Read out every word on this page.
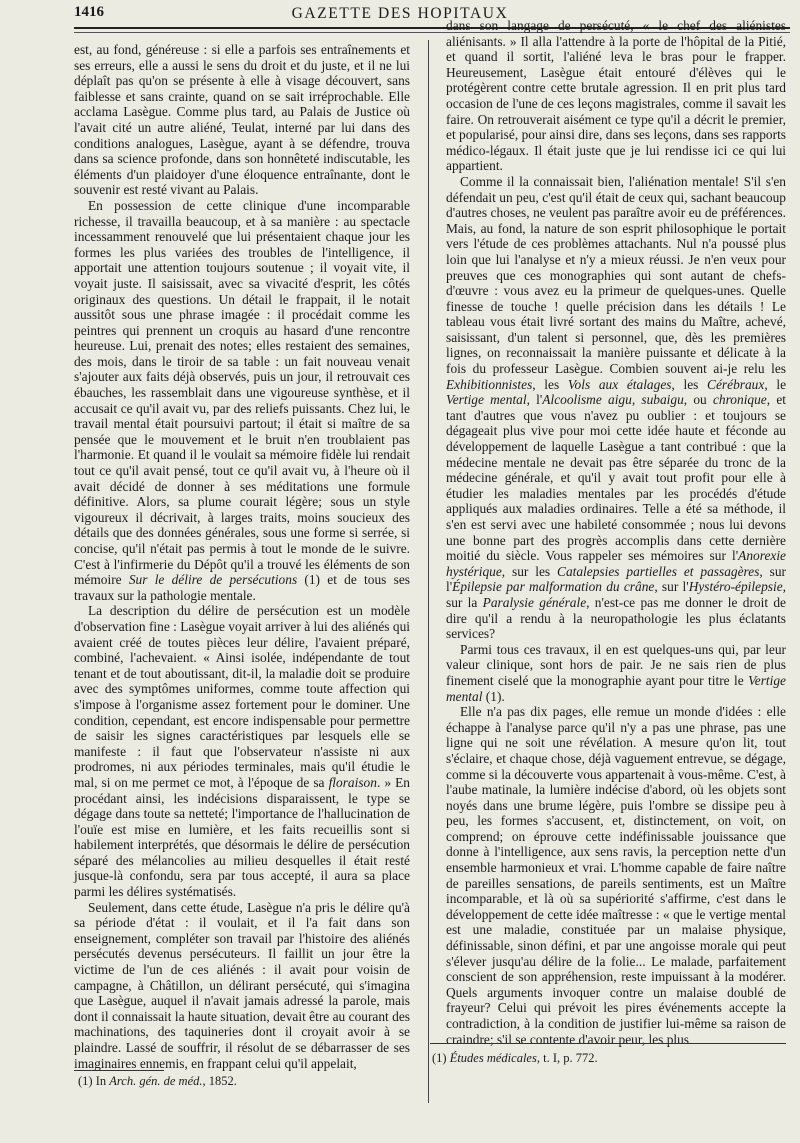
1416	GAZETTE DES HOPITAUX

est, au fond, généreuse : si elle a parfois ses entraînements et ses erreurs, elle a aussi le sens du droit et du juste, et il ne lui déplaît pas qu'on se présente à elle à visage découvert, sans faiblesse et sans crainte, quand on se sait irréprochable. Elle acclama Lasègue. Comme plus tard, au Palais de Justice où l'avait cité un autre aliéné, Teulat, interné par lui dans des conditions analogues, Lasègue, ayant à se défendre, trouva dans sa science profonde, dans son honnêteté indiscutable, les éléments d'un plaidoyer d'une éloquence entraînante, dont le souvenir est resté vivant au Palais.

En possession de cette clinique d'une incomparable richesse, il travailla beaucoup, et à sa manière : au spectacle incessamment renouvelé que lui présentaient chaque jour les formes les plus variées des troubles de l'intelligence, il apportait une attention toujours soutenue ; il voyait vite, il voyait juste. Il saisissait, avec sa vivacité d'esprit, les côtés originaux des questions. Un détail le frappait, il le notait aussitôt sous une phrase imagée : il procédait comme les peintres qui prennent un croquis au hasard d'une rencontre heureuse. Lui, prenait des notes; elles restaient des semaines, des mois, dans le tiroir de sa table : un fait nouveau venait s'ajouter aux faits déjà observés, puis un jour, il retrouvait ces ébauches, les rassemblait dans une vigoureuse synthèse, et il accusait ce qu'il avait vu, par des reliefs puissants. Chez lui, le travail mental était poursuivi partout; il était si maître de sa pensée que le mouvement et le bruit n'en troublaient pas l'harmonie. Et quand il le voulait sa mémoire fidèle lui rendait tout ce qu'il avait pensé, tout ce qu'il avait vu, à l'heure où il avait décidé de donner à ses méditations une formule définitive. Alors, sa plume courait légère; sous un style vigoureux il décrivait, à larges traits, moins soucieux des détails que des données générales, sous une forme si serrée, si concise, qu'il n'était pas permis à tout le monde de le suivre. C'est à l'infirmerie du Dépôt qu'il a trouvé les éléments de son mémoire Sur le délire de persécutions (1) et de tous ses travaux sur la pathologie mentale.

La description du délire de persécution est un modèle d'observation fine : Lasègue voyait arriver à lui des aliénés qui avaient créé de toutes pièces leur délire, l'avaient préparé, combiné, l'achevaient. « Ainsi isolée, indépendante de tout tenant et de tout aboutissant, dit-il, la maladie doit se produire avec des symptômes uniformes, comme toute affection qui s'impose à l'organisme assez fortement pour le dominer. Une condition, cependant, est encore indispensable pour permettre de saisir les signes caractéristiques par lesquels elle se manifeste : il faut que l'observateur n'assiste ni aux prodromes, ni aux périodes terminales, mais qu'il étudie le mal, si on me permet ce mot, à l'époque de sa floraison. » En procédant ainsi, les indécisions disparaissent, le type se dégage dans toute sa netteté; l'importance de l'hallucination de l'ouïe est mise en lumière, et les faits recueillis sont si habilement interprétés, que désormais le délire de persécution séparé des mélancolies au milieu desquelles il était resté jusque-là confondu, sera par tous accepté, il aura sa place parmi les délires systématisés.

Seulement, dans cette étude, Lasègue n'a pris le délire qu'à sa période d'état : il voulait, et il l'a fait dans son enseignement, compléter son travail par l'histoire des aliénés persécutés devenus persécuteurs. Il faillit un jour être la victime de l'un de ces aliénés : il avait pour voisin de campagne, à Châtillon, un délirant persécuté, qui s'imagina que Lasègue, auquel il n'avait jamais adressé la parole, mais dont il connaissait la haute situation, devait être au courant des machinations, des taquineries dont il croyait avoir à se plaindre. Lassé de souffrir, il résolut de se débarrasser de ses imaginaires ennemis, en frappant celui qu'il appelait,

dans son langage de persécuté, « le chef des aliénistes aliénisants. » Il alla l'attendre à la porte de l'hôpital de la Pitié, et quand il sortit, l'aliéné leva le bras pour le frapper. Heureusement, Lasègue était entouré d'élèves qui le protégèrent contre cette brutale agression. Il en prit plus tard occasion de l'une de ces leçons magistrales, comme il savait les faire. On retrouverait aisément ce type qu'il a décrit le premier, et popularisé, pour ainsi dire, dans ses leçons, dans ses rapports médico-légaux. Il était juste que je lui rendisse ici ce qui lui appartient.

Comme il la connaissait bien, l'aliénation mentale! S'il s'en défendait un peu, c'est qu'il était de ceux qui, sachant beaucoup d'autres choses, ne veulent pas paraître avoir eu de préférences. Mais, au fond, la nature de son esprit philosophique le portait vers l'étude de ces problèmes attachants. Nul n'a poussé plus loin que lui l'analyse et n'y a mieux réussi. Je n'en veux pour preuves que ces monographies qui sont autant de chefs-d'œuvre : vous avez eu la primeur de quelques-unes. Quelle finesse de touche ! quelle précision dans les détails ! Le tableau vous était livré sortant des mains du Maître, achevé, saisissant, d'un talent si personnel, que, dès les premières lignes, on reconnaissait la manière puissante et délicate à la fois du professeur Lasègue. Combien souvent ai-je relu les Exhibitionnistes, les Vols aux étalages, les Cérébraux, le Vertige mental, l'Alcoolisme aigu, subaigu, ou chronique, et tant d'autres que vous n'avez pu oublier : et toujours se dégageait plus vive pour moi cette idée haute et féconde au développement de laquelle Lasègue a tant contribué : que la médecine mentale ne devait pas être séparée du tronc de la médecine générale, et qu'il y avait tout profit pour elle à étudier les maladies mentales par les procédés d'étude appliqués aux maladies ordinaires. Telle a été sa méthode, il s'en est servi avec une habileté consommée ; nous lui devons une bonne part des progrès accomplis dans cette dernière moitié du siècle. Vous rappeler ses mémoires sur l'Anorexie hystérique, sur les Catalepsies partielles et passagères, sur l'Épilepsie par malformation du crâne, sur l'Hystéro-épilepsie, sur la Paralysie générale, n'est-ce pas me donner le droit de dire qu'il a rendu à la neuropathologie les plus éclatants services?

Parmi tous ces travaux, il en est quelques-uns qui, par leur valeur clinique, sont hors de pair. Je ne sais rien de plus finement ciselé que la monographie ayant pour titre le Vertige mental (1).

Elle n'a pas dix pages, elle remue un monde d'idées : elle échappe à l'analyse parce qu'il n'y a pas une phrase, pas une ligne qui ne soit une révélation. A mesure qu'on lit, tout s'éclaire, et chaque chose, déjà vaguement entrevue, se dégage, comme si la découverte vous appartenait à vous-même. C'est, à l'aube matinale, la lumière indécise d'abord, où les objets sont noyés dans une brume légère, puis l'ombre se dissipe peu à peu, les formes s'accusent, et, distinctement, on voit, on comprend; on éprouve cette indéfinissable jouissance que donne à l'intelligence, aux sens ravis, la perception nette d'un ensemble harmonieux et vrai. L'homme capable de faire naître de pareilles sensations, de pareils sentiments, est un Maître incomparable, et là où sa supériorité s'affirme, c'est dans le développement de cette idée maîtresse : « que le vertige mental est une maladie, constituée par un malaise physique, définissable, sinon défini, et par une angoisse morale qui peut s'élever jusqu'au délire de la folie... Le malade, parfaitement conscient de son appréhension, reste impuissant à la modérer. Quels arguments invoquer contre un malaise doublé de frayeur? Celui qui prévoit les pires événements accepte la contradiction, à la condition de justifier lui-même sa raison de craindre; s'il se contente d'avoir peur, les plus

(1) In Arch. gén. de méd., 1852.
(1) Études médicales, t. I, p. 772.
